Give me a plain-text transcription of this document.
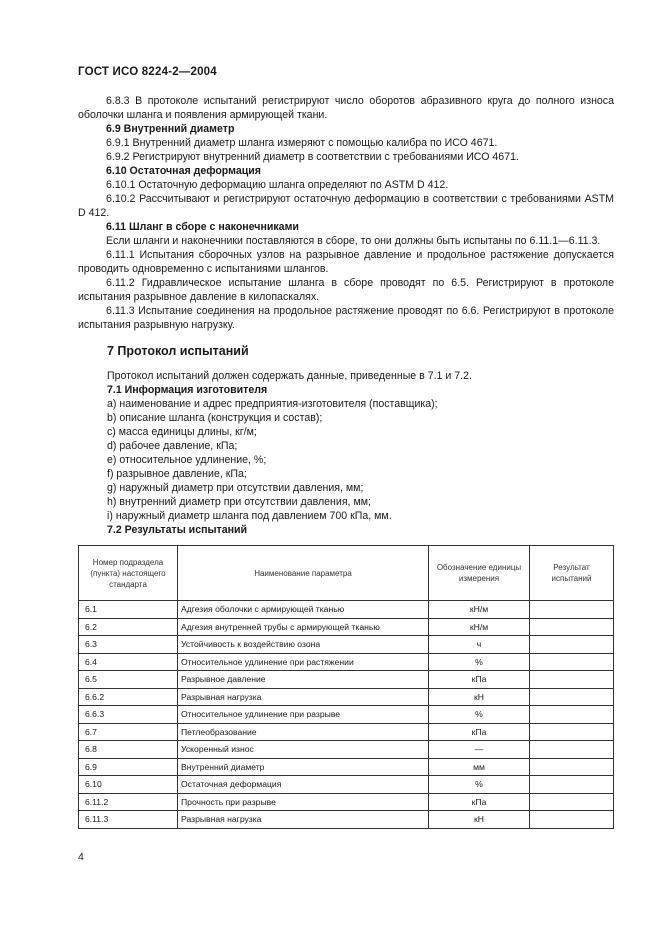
ГОСТ ИСО 8224-2—2004

6.8.3 В протоколе испытаний регистрируют число оборотов абразивного круга до полного износа оболочки шланга и появления армирующей ткани.

6.9 Внутренний диаметр

6.9.1 Внутренний диаметр шланга измеряют с помощью калибра по ИСО 4671.

6.9.2 Регистрируют внутренний диаметр в соответствии с требованиями ИСО 4671.

6.10 Остаточная деформация

6.10.1 Остаточную деформацию шланга определяют по ASTM D 412.

6.10.2 Рассчитывают и регистрируют остаточную деформацию в соответствии с требованиями ASTM D 412.

6.11 Шланг в сборе с наконечниками

Если шланги и наконечники поставляются в сборе, то они должны быть испытаны по 6.11.1—6.11.3.

6.11.1 Испытания сборочных узлов на разрывное давление и продольное растяжение допускается проводить одновременно с испытаниями шлангов.

6.11.2 Гидравлическое испытание шланга в сборе проводят по 6.5. Регистрируют в протоколе испытания разрывное давление в килопаскалях.

6.11.3 Испытание соединения на продольное растяжение проводят по 6.6. Регистрируют в протоколе испытания разрывную нагрузку.

7 Протокол испытаний

Протокол испытаний должен содержать данные, приведенные в 7.1 и 7.2.

7.1 Информация изготовителя

a) наименование и адрес предприятия-изготовителя (поставщика);

b) описание шланга (конструкция и состав);

c) масса единицы длины, кг/м;

d) рабочее давление, кПа;

e) относительное удлинение, %;

f) разрывное давление, кПа;

g) наружный диаметр при отсутствии давления, мм;

h) внутренний диаметр при отсутствии давления, мм;

i) наружный диаметр шланга под давлением 700 кПа, мм.

7.2 Результаты испытаний

Номер подраздела (пункта) настоящего стандарта	Наименование параметра	Обозначение единицы измерения	Результат испытаний
6.1	Адгезия оболочки с армирующей тканью	кН/м	
6.2	Адгезия внутренней трубы с армирующей тканью	кН/м	
6.3	Устойчивость к воздействию озона	ч	
6.4	Относительное удлинение при растяжении	%	
6.5	Разрывное давление	кПа	
6.6.2	Разрывная нагрузка	кН	
6.6.3	Относительное удлинение при разрыве	%	
6.7	Петлеобразование	кПа	
6.8	Ускоренный износ	—	
6.9	Внутренний диаметр	мм	
6.10	Остаточная деформация	%	
6.11.2	Прочность при разрыве	кПа	
6.11.3	Разрывная нагрузка	кН	
4
